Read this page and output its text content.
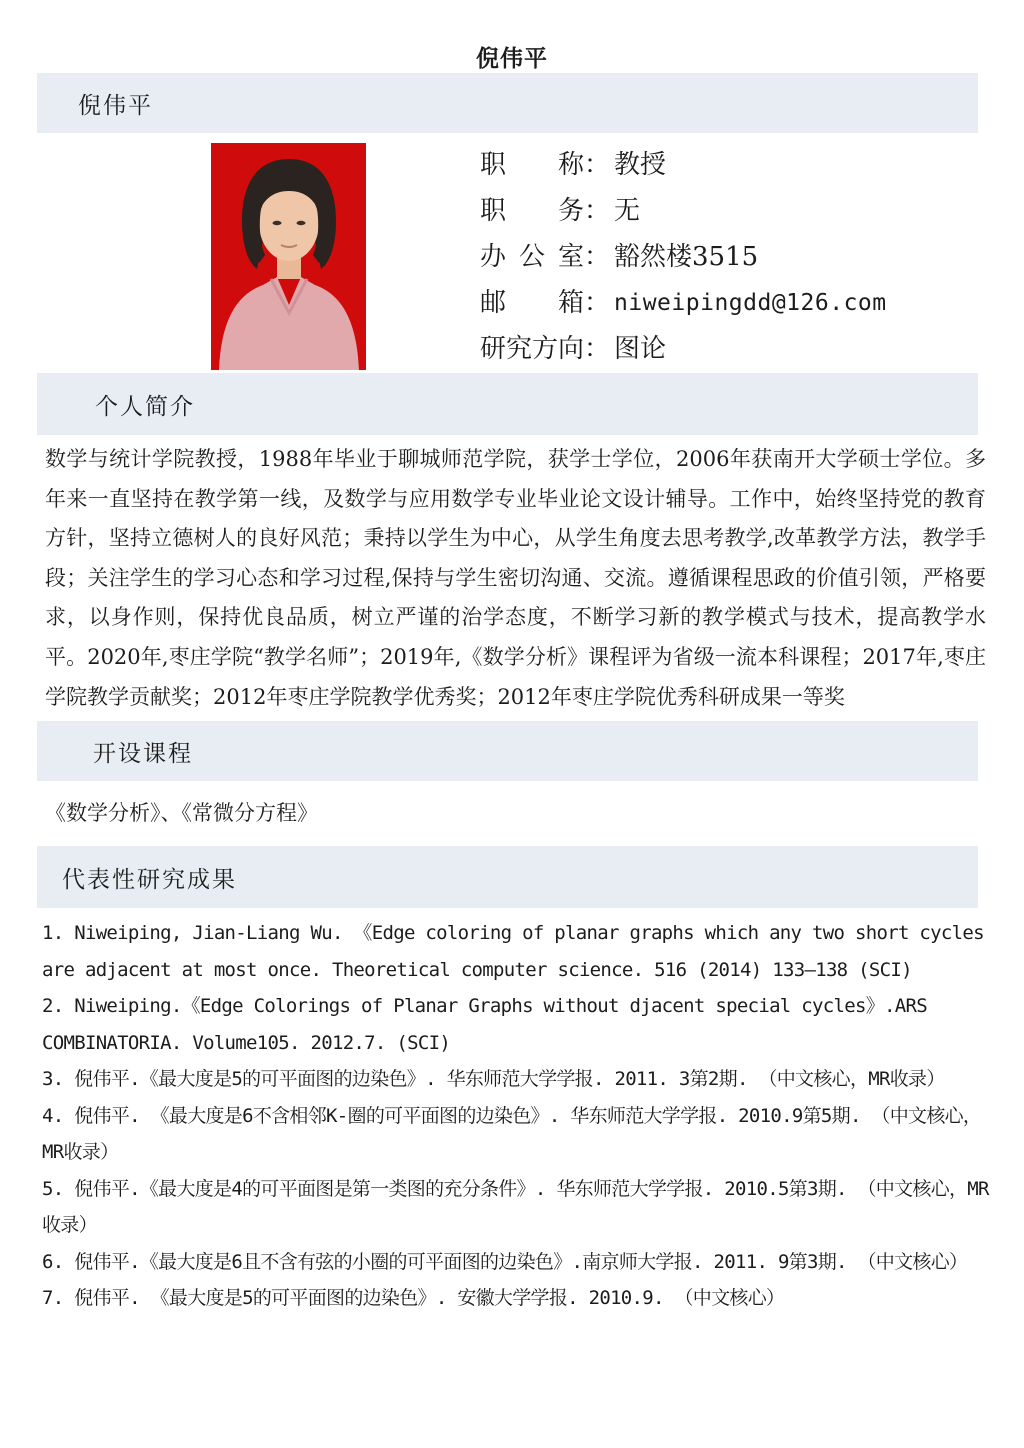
倪伟平
倪伟平
职称 ： 教授
职务 ： 无
办公室 ： 豁然楼3515
邮箱 ： niweipingdd@126.com
研究方向 ： 图论
个人简介
数学与统计学院教授，1988年毕业于聊城师范学院，获学士学位，2006年获南开大学硕士学位。多年来一直坚持在教学第一线，及数学与应用数学专业毕业论文设计辅导。工作中，始终坚持党的教育方针，坚持立德树人的良好风范；秉持以学生为中心，从学生角度去思考教学,改革教学方法，教学手段；关注学生的学习心态和学习过程,保持与学生密切沟通、交流。遵循课程思政的价值引领，严格要求，以身作则，保持优良品质，树立严谨的治学态度，不断学习新的教学模式与技术，提高教学水平。2020年,枣庄学院“教学名师”；2019年,《数学分析》课程评为省级一流本科课程；2017年,枣庄学院教学贡献奖；2012年枣庄学院教学优秀奖；2012年枣庄学院优秀科研成果一等奖
开设课程
《数学分析》、《常微分方程》
代表性研究成果

1. Niweiping, Jian-Liang Wu. 《Edge coloring of planar graphs which any two short cycles are adjacent at most once. Theoretical computer science. 516 (2014) 133–138 (SCI)

2. Niweiping.《Edge Colorings of Planar Graphs without djacent special cycles》.ARS COMBINATORIA. Volume105. 2012.7. (SCI)

3. 倪伟平.《最大度是5的可平面图的边染色》. 华东师范大学学报. 2011. 3第2期. （中文核心，MR收录）

4. 倪伟平. 《最大度是6不含相邻K-圈的可平面图的边染色》. 华东师范大学学报. 2010.9第5期. （中文核心，MR收录）

5. 倪伟平.《最大度是4的可平面图是第一类图的充分条件》. 华东师范大学学报. 2010.5第3期. （中文核心，MR收录）

6. 倪伟平.《最大度是6且不含有弦的小圈的可平面图的边染色》.南京师大学报. 2011. 9第3期. （中文核心）

7. 倪伟平. 《最大度是5的可平面图的边染色》. 安徽大学学报. 2010.9. （中文核心）
